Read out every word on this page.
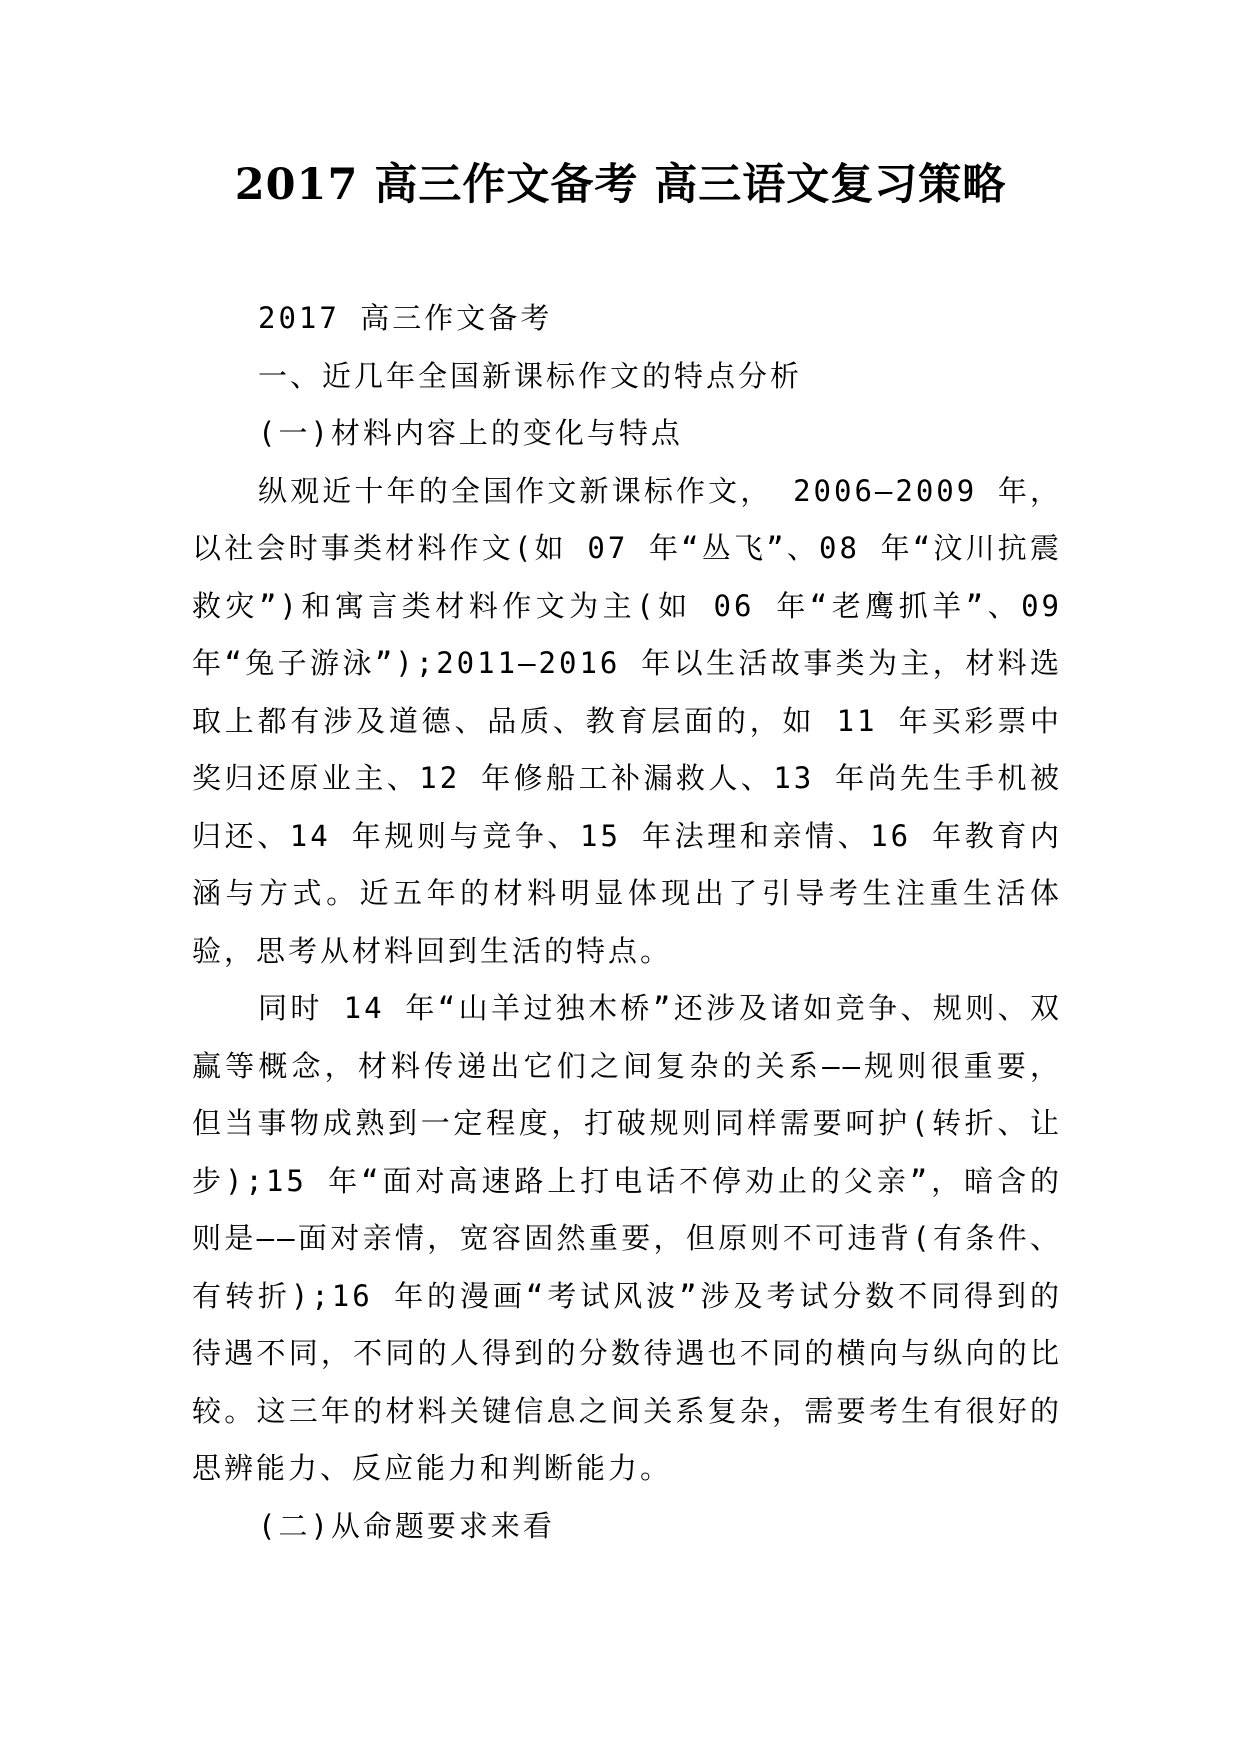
2017 高三作文备考 高三语文复习策略

2017 高三作文备考

一、近几年全国新课标作文的特点分析

(一)材料内容上的变化与特点

纵观近十年的全国作文新课标作文， 2006—2009 年，以社会时事类材料作文(如 07 年“丛飞”、08 年“汶川抗震救灾”)和寓言类材料作文为主(如 06 年“老鹰抓羊”、09 年“兔子游泳”);2011—2016 年以生活故事类为主，材料选取上都有涉及道德、品质、教育层面的，如 11 年买彩票中奖归还原业主、12 年修船工补漏救人、13 年尚先生手机被归还、14 年规则与竞争、15 年法理和亲情、16 年教育内涵与方式。近五年的材料明显体现出了引导考生注重生活体验，思考从材料回到生活的特点。

同时 14 年“山羊过独木桥”还涉及诸如竞争、规则、双赢等概念，材料传递出它们之间复杂的关系——规则很重要，但当事物成熟到一定程度，打破规则同样需要呵护(转折、让步);15 年“面对高速路上打电话不停劝止的父亲”，暗含的则是——面对亲情，宽容固然重要，但原则不可违背(有条件、有转折);16 年的漫画“考试风波”涉及考试分数不同得到的待遇不同，不同的人得到的分数待遇也不同的横向与纵向的比较。这三年的材料关键信息之间关系复杂，需要考生有很好的思辨能力、反应能力和判断能力。

(二)从命题要求来看
